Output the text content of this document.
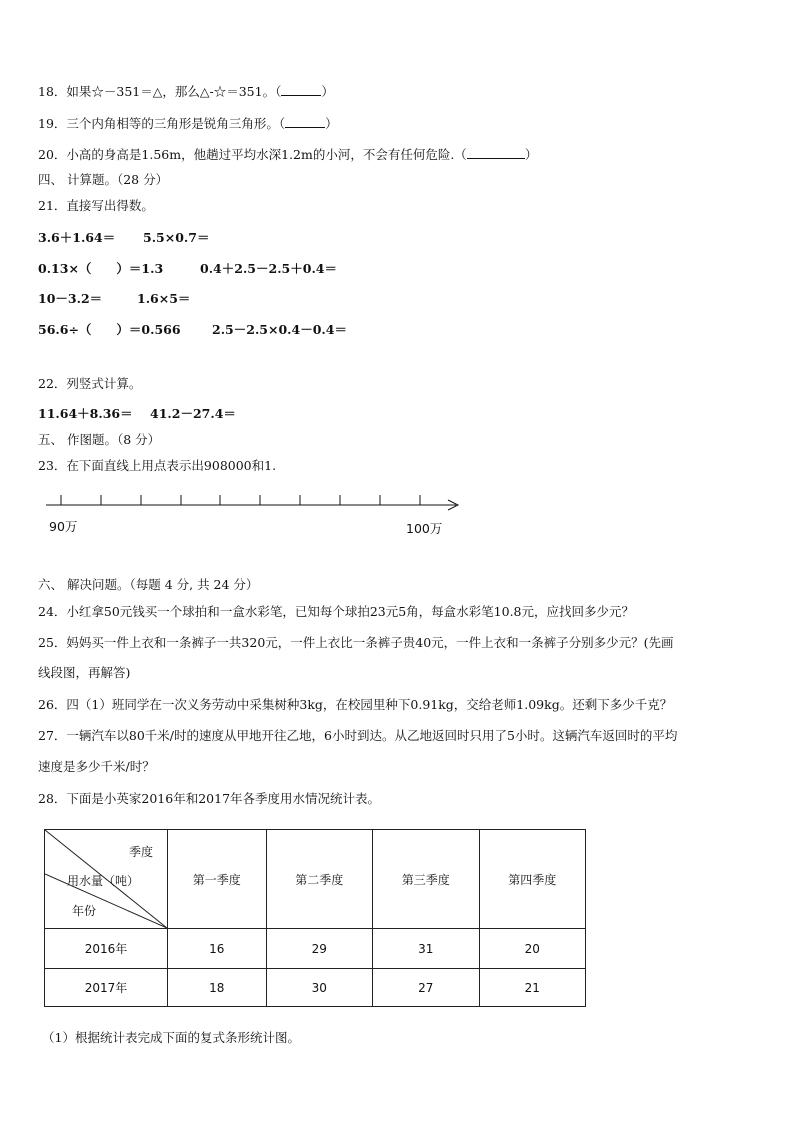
18．如果☆－351＝△，那么△-☆＝351。（	）
19．三个内角相等的三角形是锐角三角形。（	）
20．小高的身高是1.56m，他趟过平均水深1.2m的小河，不会有任何危险.（	）
四、 计算题。（28 分）
21．直接写出得数。
3.6＋1.64＝ 5.5×0.7＝
0.13×（　　）＝1.3	0.4＋2.5－2.5＋0.4＝
10－3.2＝	1.6×5＝
56.6÷（　　）＝0.566	2.5－2.5×0.4－0.4＝
22．列竖式计算。
11.64＋8.36＝ 41.2－27.4＝
五、 作图题。（8 分）
23．在下面直线上用点表示出908000和1.
90万	100万
六、 解决问题。（每题 4 分, 共 24 分）
24．小红拿50元钱买一个球拍和一盒水彩笔，已知每个球拍23元5角，每盒水彩笔10.8元，应找回多少元？
25．妈妈买一件上衣和一条裤子一共320元，一件上衣比一条裤子贵40元，一件上衣和一条裤子分别多少元？(先画
线段图，再解答)
26．四（1）班同学在一次义务劳动中采集树种3kg，在校园里种下0.91kg，交给老师1.09kg。还剩下多少千克？
27．一辆汽车以80千米/时的速度从甲地开往乙地，6小时到达。从乙地返回时只用了5小时。这辆汽车返回时的平均
速度是多少千米/时？
28．下面是小英家2016年和2017年各季度用水情况统计表。
季度
用水量（吨）
年份	第一季度	第二季度	第三季度	第四季度
2016年	16	29	31	20
2017年	18	30	27	21
（1）根据统计表完成下面的复式条形统计图。
